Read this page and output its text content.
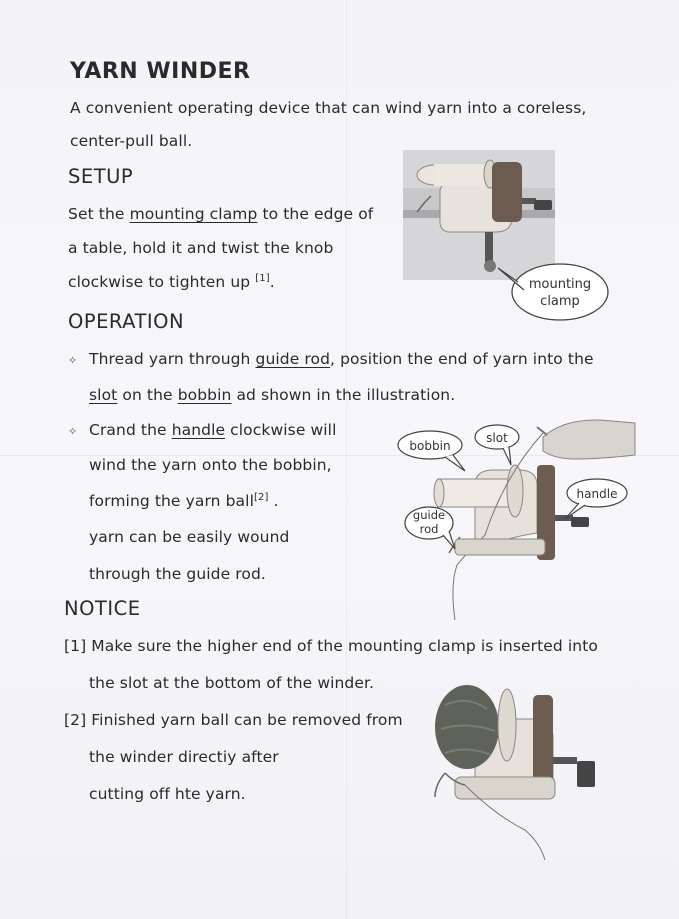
YARN WINDER
A convenient operating device that can wind yarn into a coreless,
center-pull ball.
SETUP
Set the mounting clamp to the edge of
a table, hold it and twist the knob
clockwise to tighten up [1].	mounting
clamp
OPERATION
✧ Thread yarn through guide rod, position the end of yarn into the
slot on the bobbin ad shown in the illustration.
✧ Crand the handle clockwise will
wind the yarn onto the bobbin,
forming the yarn ball[2] .
yarn can be easily wound
through the guide rod.
bobbin
slot
handle
guide
rod
NOTICE
[1] Make sure the higher end of the mounting clamp is inserted into
the slot at the bottom of the winder.
[2] Finished yarn ball can be removed from
the winder directiy after
cutting off hte yarn.
